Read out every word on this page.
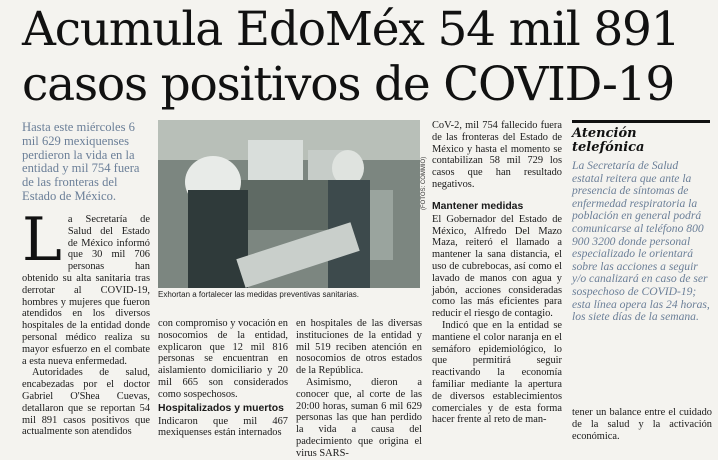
Acumula EdoMéx 54 mil 891
casos positivos de COVID-19
Hasta este miércoles 6 mil 629 mexiquenses perdieron la vida en la entidad y mil 754 fuera de las fronteras del Estado de México.
L a Secretaría de Salud del Estado de México informó que 30 mil 706 personas han obtenido su alta sanitaria tras derrotar al COVID-19, hombres y mujeres que fueron atendidos en los diversos hospitales de la entidad donde personal médico realiza su mayor esfuerzo en el combate a esta nueva enfermedad.

Autoridades de salud, encabezadas por el doctor Gabriel O'Shea Cuevas, detallaron que se reportan 54 mil 891 casos positivos que actualmente son atendidos

Exhortan a fortalecer las medidas preventivas sanitarias.
(FOTOS: COMMIO)

con compromiso y vocación en nosocomios de la entidad, explicaron que 12 mil 816 personas se encuentran en aislamiento domiciliario y 20 mil 665 son considerados como sospechosos.

Hospitalizados y muertos

Indicaron que mil 467 mexiquenses están internados

en hospitales de las diversas instituciones de la entidad y mil 519 reciben atención en nosocomios de otros estados de la República.

Asimismo, dieron a conocer que, al corte de las 20:00 horas, suman 6 mil 629 personas las que han perdido la vida a causa del padecimiento que origina el virus SARS-

CoV-2, mil 754 fallecido fuera de las fronteras del Estado de México y hasta el momento se contabilizan 58 mil 729 los casos que han resultado negativos.

Mantener medidas

El Gobernador del Estado de México, Alfredo Del Mazo Maza, reiteró el llamado a mantener la sana distancia, el uso de cubrebocas, así como el lavado de manos con agua y jabón, acciones consideradas como las más eficientes para reducir el riesgo de contagio.

Indicó que en la entidad se mantiene el color naranja en el semáforo epidemiológico, lo que permitirá seguir reactivando la economía familiar mediante la apertura de diversos establecimientos comerciales y de esta forma hacer frente al reto de man-

Atención
telefónica
La Secretaría de Salud estatal reitera que ante la presencia de síntomas de enfermedad respiratoria la población en general podrá comunicarse al teléfono 800 900 3200 donde personal especializado le orientará sobre las acciones a seguir y/o canalizará en caso de ser sospechoso de COVID-19; esta línea opera las 24 horas, los siete días de la semana.
tener un balance entre el cuidado de la salud y la activación económica.
